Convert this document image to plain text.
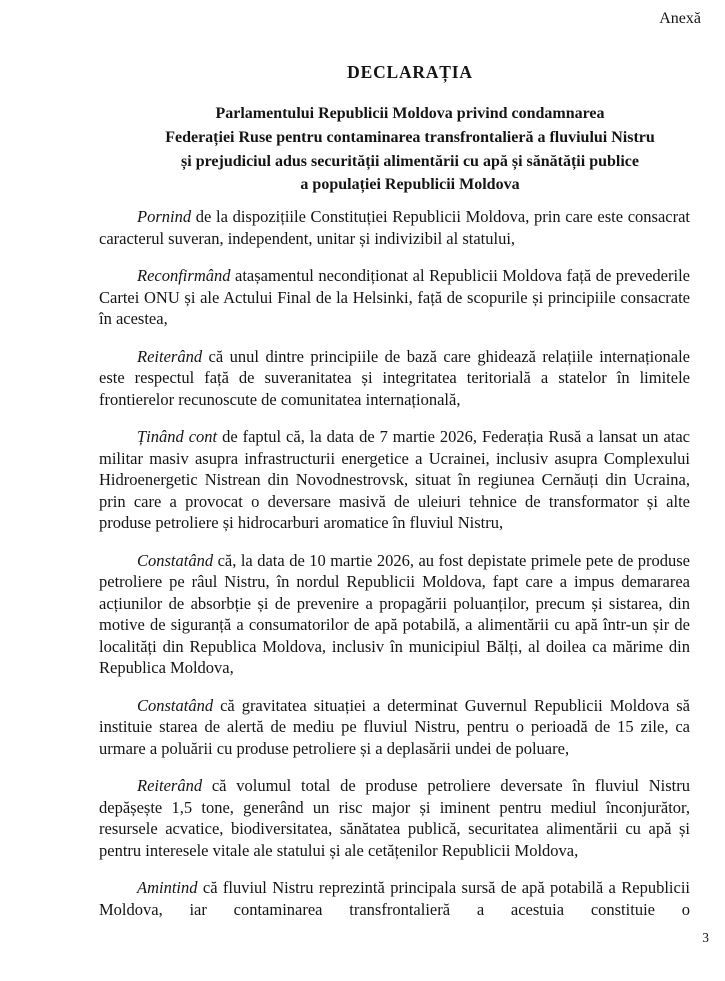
Anexă
DECLARAȚIA
Parlamentului Republicii Moldova privind condamnarea
Federației Ruse pentru contaminarea transfrontalieră a fluviului Nistru
și prejudiciul adus securității alimentării cu apă și sănătății publice
a populației Republicii Moldova

Pornind de la dispozițiile Constituției Republicii Moldova, prin care este consacrat caracterul suveran, independent, unitar și indivizibil al statului,

Reconfirmând atașamentul necondiționat al Republicii Moldova față de prevederile Cartei ONU și ale Actului Final de la Helsinki, față de scopurile și principiile consacrate în acestea,

Reiterând că unul dintre principiile de bază care ghidează relațiile internaționale este respectul față de suveranitatea și integritatea teritorială a statelor în limitele frontierelor recunoscute de comunitatea internațională,

Ținând cont de faptul că, la data de 7 martie 2026, Federația Rusă a lansat un atac militar masiv asupra infrastructurii energetice a Ucrainei, inclusiv asupra Complexului Hidroenergetic Nistrean din Novodnestrovsk, situat în regiunea Cernăuți din Ucraina, prin care a provocat o deversare masivă de uleiuri tehnice de transformator și alte produse petroliere și hidrocarburi aromatice în fluviul Nistru,

Constatând că, la data de 10 martie 2026, au fost depistate primele pete de produse petroliere pe râul Nistru, în nordul Republicii Moldova, fapt care a impus demararea acțiunilor de absorbție și de prevenire a propagării poluanților, precum și sistarea, din motive de siguranță a consumatorilor de apă potabilă, a alimentării cu apă într-un șir de localități din Republica Moldova, inclusiv în municipiul Bălți, al doilea ca mărime din Republica Moldova,

Constatând că gravitatea situației a determinat Guvernul Republicii Moldova să instituie starea de alertă de mediu pe fluviul Nistru, pentru o perioadă de 15 zile, ca urmare a poluării cu produse petroliere și a deplasării undei de poluare,

Reiterând că volumul total de produse petroliere deversate în fluviul Nistru depășește 1,5 tone, generând un risc major și iminent pentru mediul înconjurător, resursele acvatice, biodiversitatea, sănătatea publică, securitatea alimentării cu apă și pentru interesele vitale ale statului și ale cetățenilor Republicii Moldova,

Amintind că fluviul Nistru reprezintă principala sursă de apă potabilă a Republicii Moldova, iar contaminarea transfrontalieră a acestuia constituie o

3
